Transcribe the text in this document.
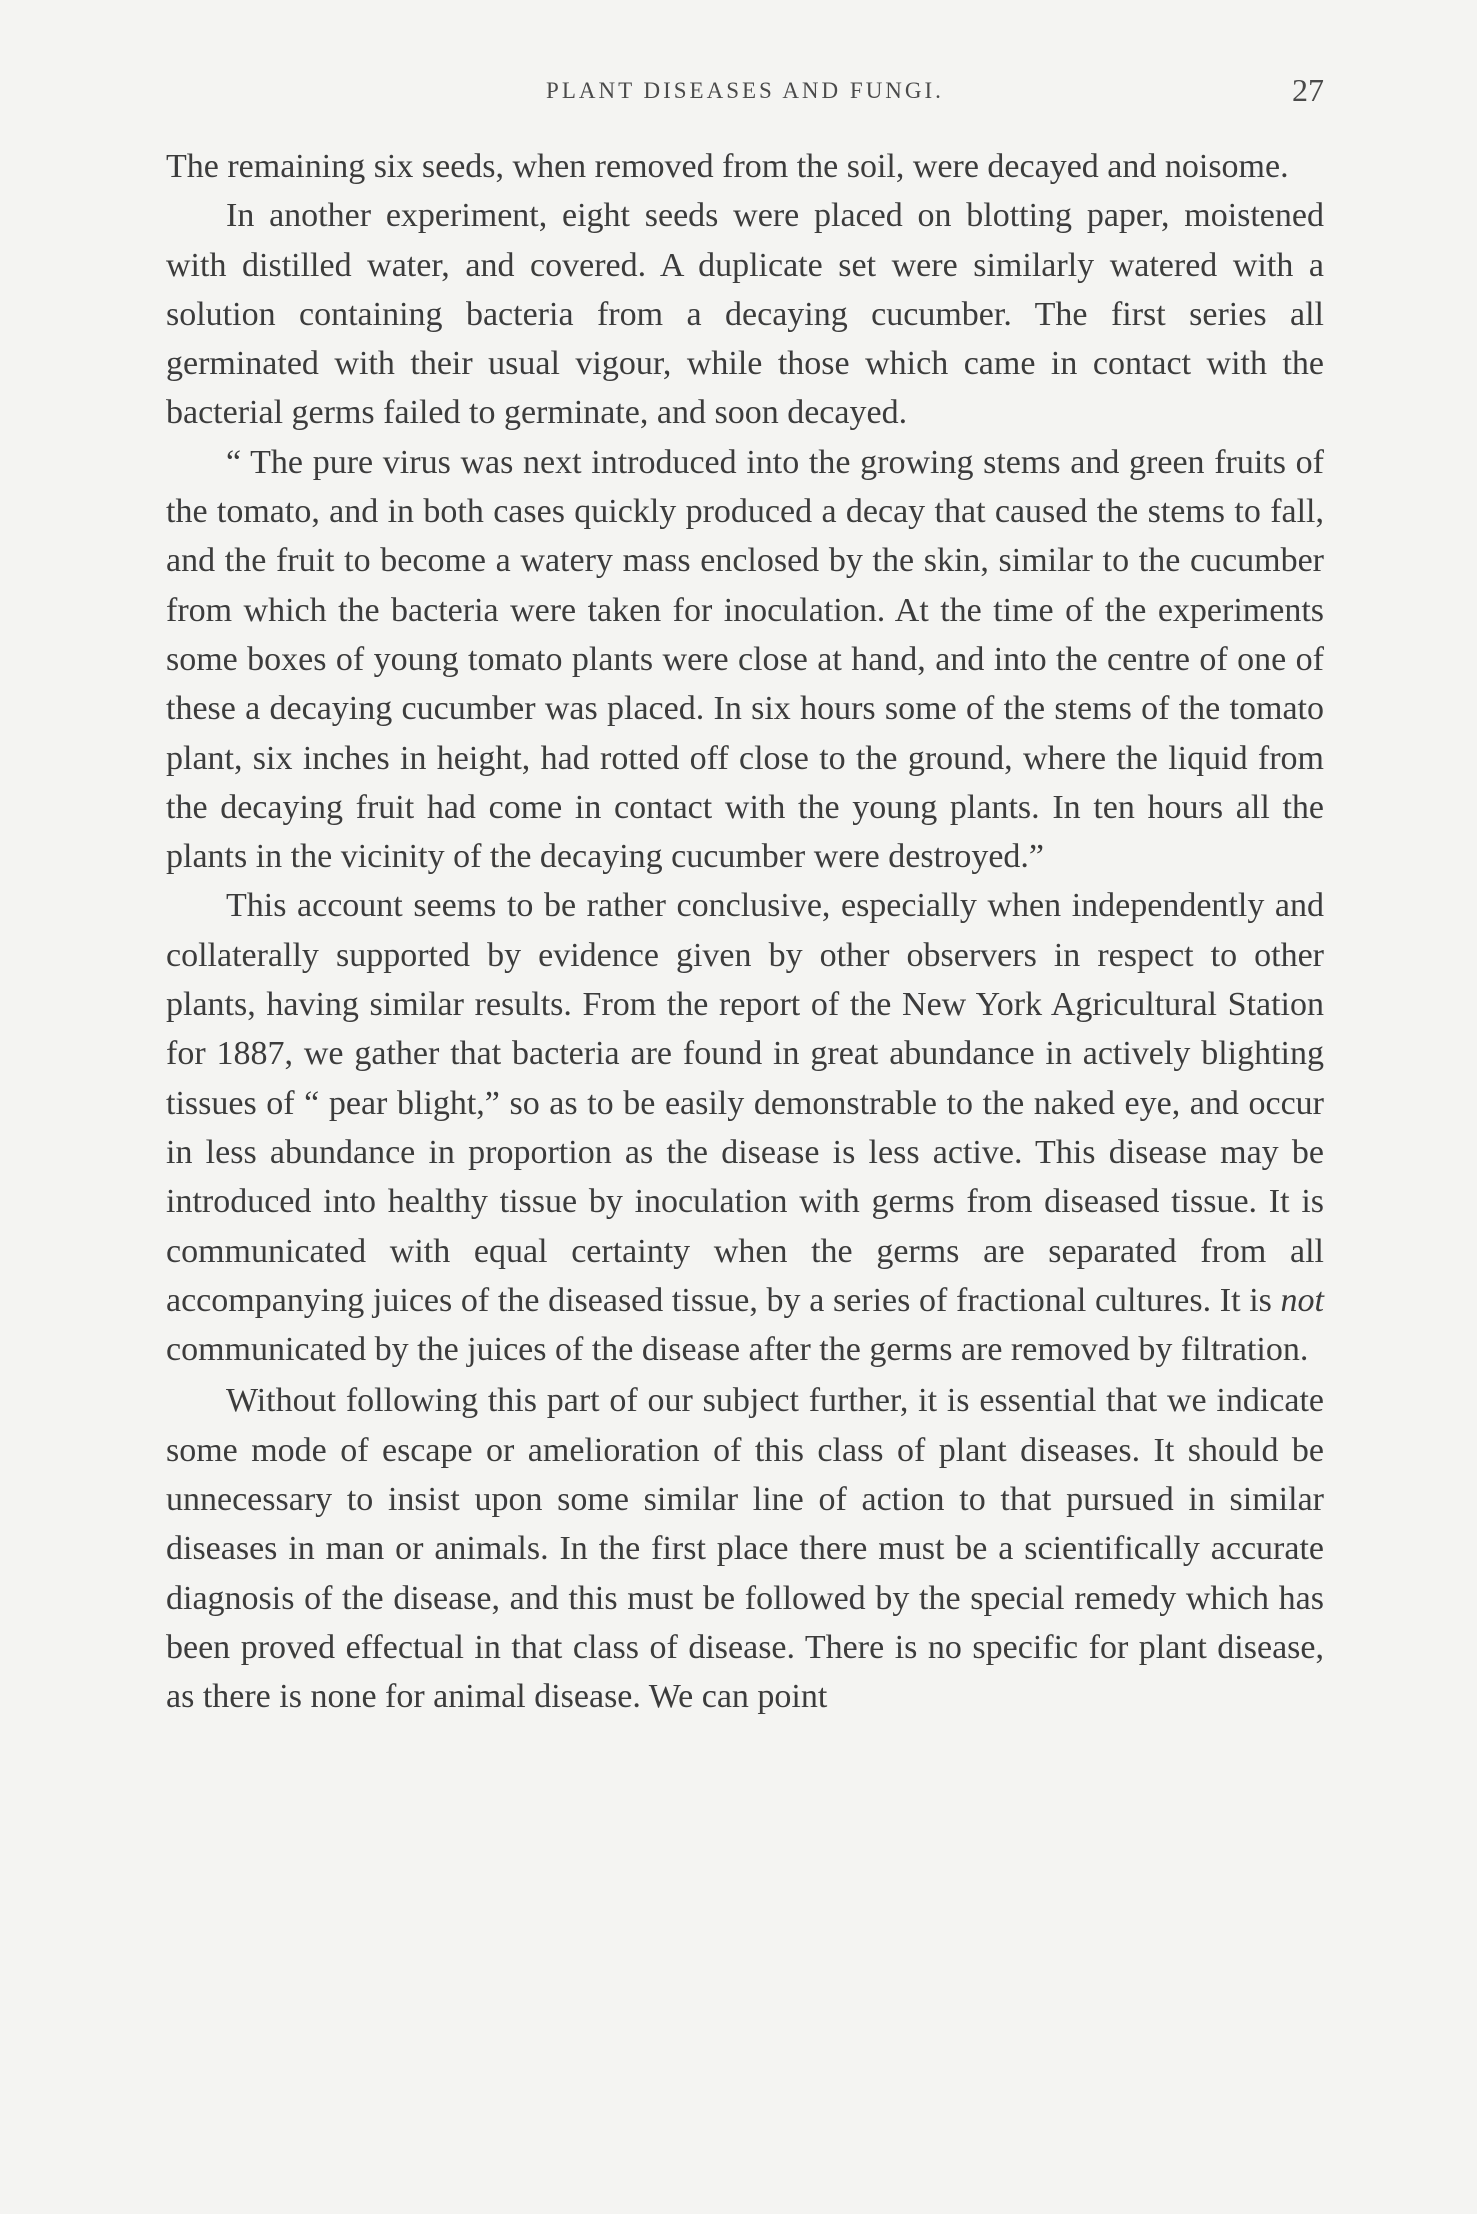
PLANT DISEASES AND FUNGI.	27

The remaining six seeds, when removed from the soil, were decayed and noisome.

In another experiment, eight seeds were placed on blotting paper, moistened with distilled water, and covered. A duplicate set were similarly watered with a solution containing bacteria from a decaying cucumber. The first series all germinated with their usual vigour, while those which came in contact with the bacterial germs failed to germinate, and soon decayed.

“ The pure virus was next introduced into the growing stems and green fruits of the tomato, and in both cases quickly produced a decay that caused the stems to fall, and the fruit to become a watery mass enclosed by the skin, similar to the cucumber from which the bacteria were taken for inoculation. At the time of the experiments some boxes of young tomato plants were close at hand, and into the centre of one of these a decaying cucumber was placed. In six hours some of the stems of the tomato plant, six inches in height, had rotted off close to the ground, where the liquid from the decaying fruit had come in contact with the young plants. In ten hours all the plants in the vicinity of the decaying cucumber were destroyed.”

This account seems to be rather conclusive, especially when independently and collaterally supported by evidence given by other observers in respect to other plants, having similar results. From the report of the New York Agricultural Station for 1887, we gather that bacteria are found in great abundance in actively blighting tissues of “ pear blight,” so as to be easily demonstrable to the naked eye, and occur in less abundance in proportion as the disease is less active. This disease may be introduced into healthy tissue by inoculation with germs from diseased tissue. It is communicated with equal certainty when the germs are separated from all accompanying juices of the diseased tissue, by a series of fractional cultures. It is not communicated by the juices of the disease after the germs are removed by filtration.

Without following this part of our subject further, it is essential that we indicate some mode of escape or amelioration of this class of plant diseases. It should be unnecessary to insist upon some similar line of action to that pursued in similar diseases in man or animals. In the first place there must be a scientifically accurate diagnosis of the disease, and this must be followed by the special remedy which has been proved effectual in that class of disease. There is no specific for plant disease, as there is none for animal disease. We can point
